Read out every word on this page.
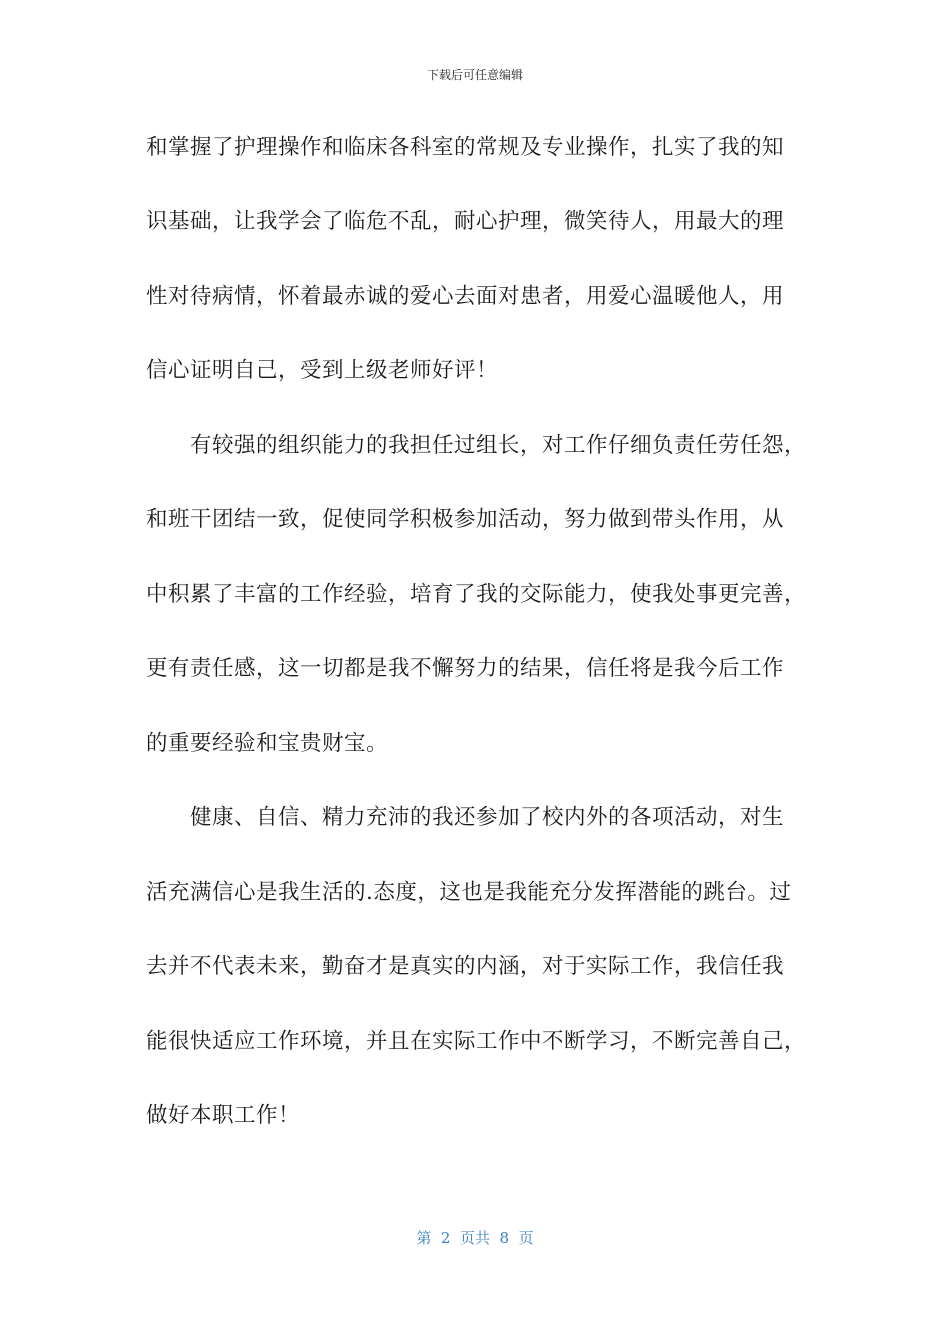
下载后可任意编辑
和掌握了护理操作和临床各科室的常规及专业操作，扎实了我的知
识基础，让我学会了临危不乱，耐心护理，微笑待人，用最大的理
性对待病情，怀着最赤诚的爱心去面对患者，用爱心温暖他人，用
信心证明自己，受到上级老师好评！
　　有较强的组织能力的我担任过组长，对工作仔细负责任劳任怨，
和班干团结一致，促使同学积极参加活动，努力做到带头作用，从
中积累了丰富的工作经验，培育了我的交际能力，使我处事更完善，
更有责任感，这一切都是我不懈努力的结果，信任将是我今后工作
的重要经验和宝贵财宝。
　　健康、自信、精力充沛的我还参加了校内外的各项活动，对生
活充满信心是我生活的.态度，这也是我能充分发挥潜能的跳台。过
去并不代表未来，勤奋才是真实的内涵，对于实际工作，我信任我
能很快适应工作环境，并且在实际工作中不断学习，不断完善自己，
做好本职工作！
第  2  页共  8  页
